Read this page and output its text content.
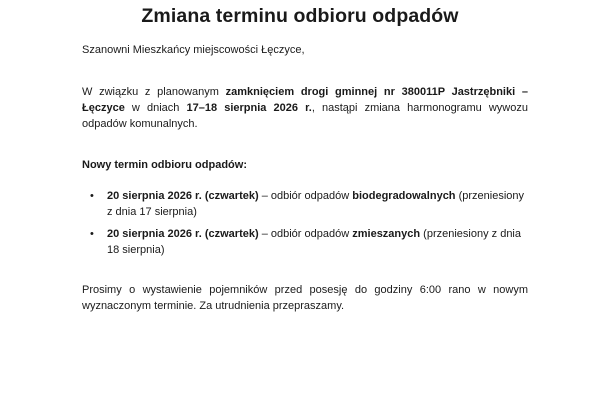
Zmiana terminu odbioru odpadów

Szanowni Mieszkańcy miejscowości Łęczyce,

W związku z planowanym zamknięciem drogi gminnej nr 380011P Jastrzębniki – Łęczyce w dniach 17–18 sierpnia 2026 r., nastąpi zmiana harmonogramu wywozu odpadów komunalnych.

Nowy termin odbioru odpadów:

• 20 sierpnia 2026 r. (czwartek) – odbiór odpadów biodegradowalnych (przeniesiony z dnia 17 sierpnia)
• 20 sierpnia 2026 r. (czwartek) – odbiór odpadów zmieszanych (przeniesiony z dnia 18 sierpnia)

Prosimy o wystawienie pojemników przed posesję do godziny 6:00 rano w nowym wyznaczonym terminie. Za utrudnienia przepraszamy.
